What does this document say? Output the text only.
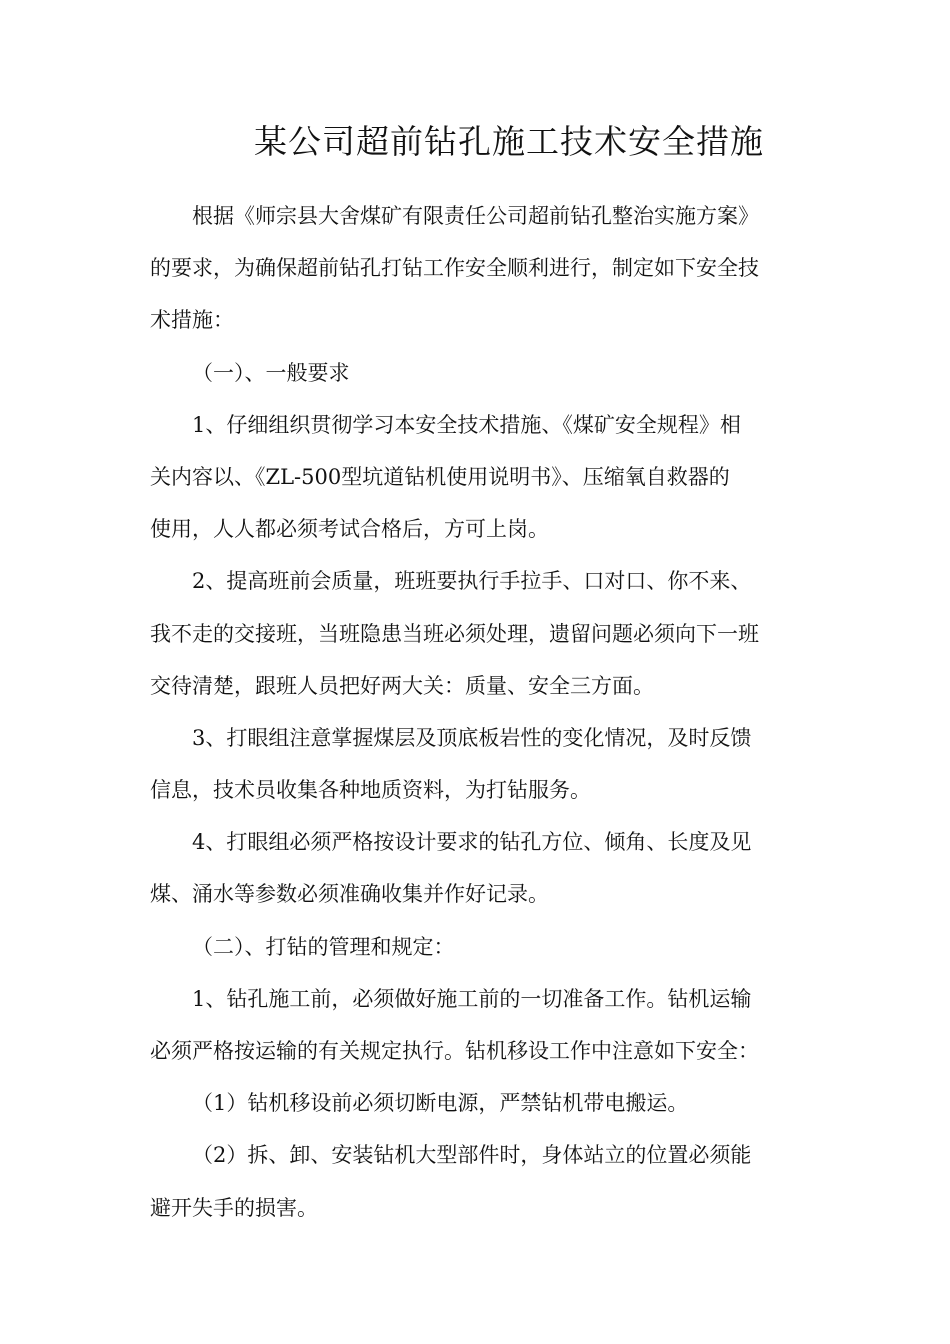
某公司超前钻孔施工技术安全措施
根据《师宗县大舍煤矿有限责任公司超前钻孔整治实施方案》
的要求，为确保超前钻孔打钻工作安全顺利进行，制定如下安全技
术措施：
（一）、一般要求
1、仔细组织贯彻学习本安全技术措施、《煤矿安全规程》相
关内容以、《ZL-500型坑道钻机使用说明书》、压缩氧自救器的
使用，人人都必须考试合格后，方可上岗。
2、提高班前会质量，班班要执行手拉手、口对口、你不来、
我不走的交接班，当班隐患当班必须处理，遗留问题必须向下一班
交待清楚，跟班人员把好两大关：质量、安全三方面。
3、打眼组注意掌握煤层及顶底板岩性的变化情况，及时反馈
信息，技术员收集各种地质资料，为打钻服务。
4、打眼组必须严格按设计要求的钻孔方位、倾角、长度及见
煤、涌水等参数必须准确收集并作好记录。
（二）、打钻的管理和规定：
1、钻孔施工前，必须做好施工前的一切准备工作。钻机运输
必须严格按运输的有关规定执行。钻机移设工作中注意如下安全：
（1）钻机移设前必须切断电源，严禁钻机带电搬运。
（2）拆、卸、安装钻机大型部件时，身体站立的位置必须能
避开失手的损害。
